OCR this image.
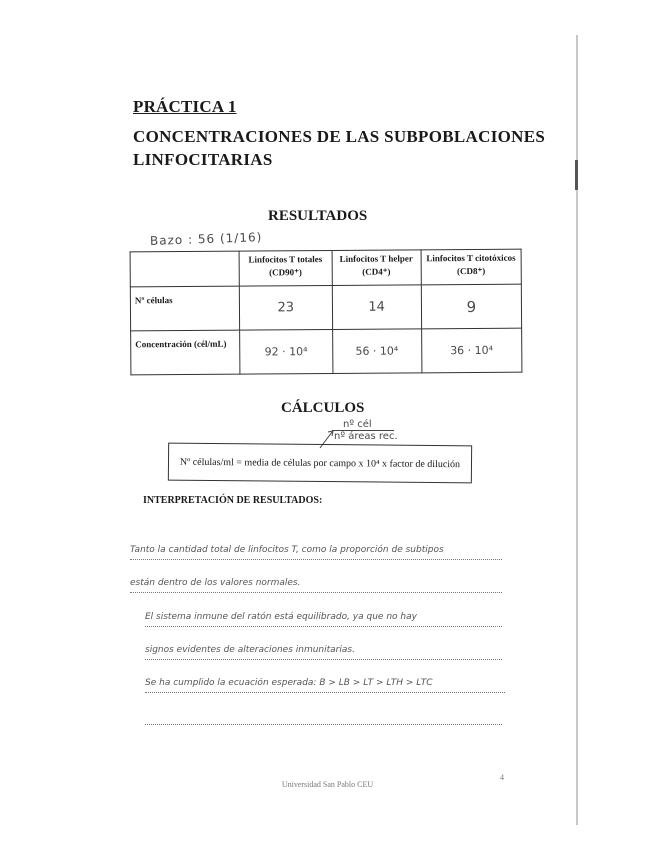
PRÁCTICA 1
CONCENTRACIONES DE LAS SUBPOBLACIONES LINFOCITARIAS
RESULTADOS
Bazo : 56 (1/16)
	Linfocitos T totales (CD90⁺)	Linfocitos T helper (CD4⁺)	Linfocitos T citotóxicos (CD8⁺)
Nº células	23	14	9
Concentración (cél/mL)	92 · 10⁴	56 · 10⁴	36 · 10⁴
CÁLCULOS
nº cél
nº áreas rec.
Nº células/ml = media de células por campo x 10⁴ x factor de dilución
INTERPRETACIÓN DE RESULTADOS:
Tanto la cantidad total de linfocitos T, como la proporción de subtipos
están dentro de los valores normales.
El sistema inmune del ratón está equilibrado, ya que no hay
signos evidentes de alteraciones inmunitarias.
Se ha cumplido la ecuación esperada: B > LB > LT > LTH > LTC
4
Universidad San Pablo CEU
